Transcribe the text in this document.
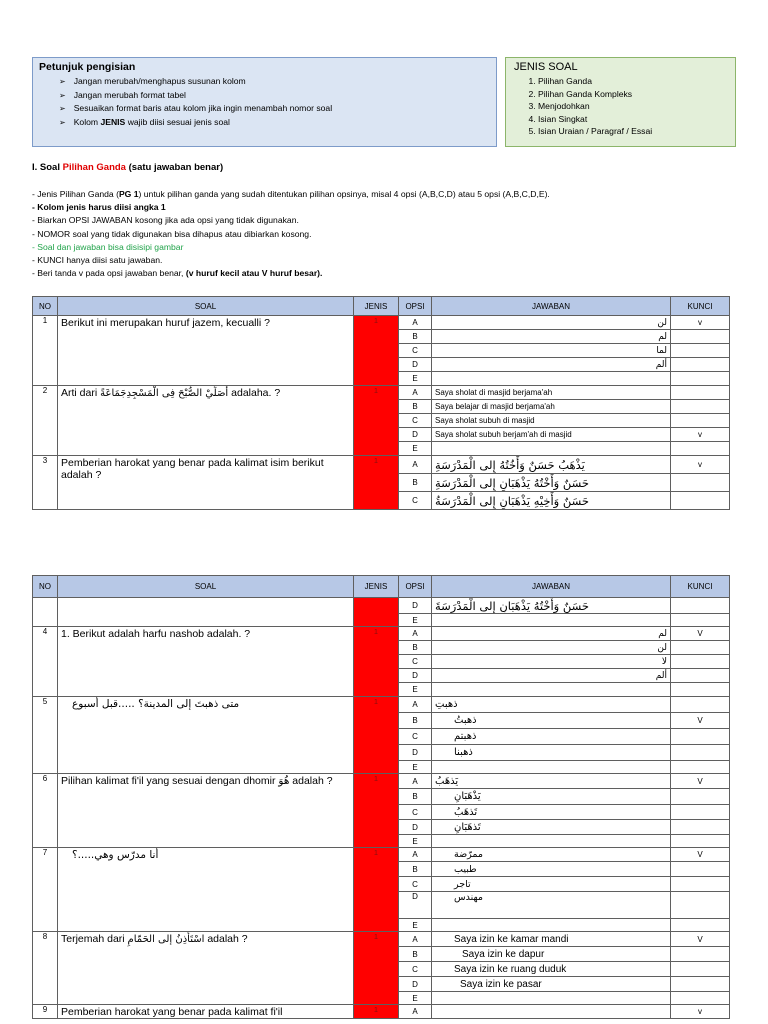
Petunjuk pengisian
➢ Jangan merubah/menghapus susunan kolom
➢ Jangan merubah format tabel
➢ Sesuaikan format baris atau kolom jika ingin menambah nomor soal
➢ Kolom JENIS wajib diisi sesuai jenis soal
JENIS SOAL
1. Pilihan Ganda
2. Pilihan Ganda Kompleks
3. Menjodohkan
4. Isian Singkat
5. Isian Uraian / Paragraf / Essai
I. Soal Pilihan Ganda (satu jawaban benar)
- Jenis Pilihan Ganda (PG 1) untuk pilihan ganda yang sudah ditentukan pilihan opsinya, misal 4 opsi (A,B,C,D) atau 5 opsi (A,B,C,D,E).
- Kolom jenis harus diisi angka 1
- Biarkan OPSI JAWABAN kosong jika ada opsi yang tidak digunakan.
- NOMOR soal yang tidak digunakan bisa dihapus atau dibiarkan kosong.
- Soal dan jawaban bisa disisipi gambar
- KUNCI hanya diisi satu jawaban.
- Beri tanda v pada opsi jawaban benar, (v huruf kecil atau V huruf besar).
NO	SOAL	JENIS	OPSI	JAWABAN	KUNCI
1	Berikut ini merupakan huruf jazem, kecualli ?	1	A	لن	v
			B	لم	
			C	لما	
			D	ألم	
			E		
2	Arti dari أُصَلِّيْ الصُّبْحَ فِى الْمَسْجِدِجَمَاعَةً adalaha. ?	1	A	Saya sholat di masjid berjama'ah	
			B	Saya belajar di masjid berjama'ah	
			C	Saya sholat subuh di masjid	
			D	Saya sholat subuh berjam'ah di masjid	v
			E		
3	Pemberian harokat yang benar pada kalimat isim berikut adalah ?	1	A	يَذْهَبُ حَسَنٌ وَأَخُتُهُ إِلى الْمَدْرَسَةِ	v
			B	حَسَنٌ وَأَخْتُهُ يَذْهَبَانِ إِلى الْمَدْرَسَةِ	
			C	حَسَنٌ وَأَخِيْهِ يَذْهَبَانِ إِلى الْمَدْرَسَةُ	
NO	SOAL	JENIS	OPSI	JAWABAN	KUNCI
			D	حَسَنٌ وَأَخْتُهُ يَذْهَبَانِ إِلى الْمَدْرَسَةَ	
			E		
4	1. Berikut adalah harfu nashob adalah. ?	1	A	لم	V
			B	لن	
			C	لا	
			D	ألم	
			E		
5	متى ذهبتَ إلى المدينة؟ .....قبل أسبوع	1	A	ذهبتِ	
			B	ذهبتُ	V
			C	ذهبتم	
			D	ذهبنا	
			E		
6	Pilihan kalimat fi'il yang sesuai dengan dhomir هُوَ adalah ?	1	A	يَذهَبُ	V
			B	يَذْهَبَانِ	
			C	تَذهَبُ	
			D	تَذهَبَانِ	
			E		
7	أنا مدرّس وهي.....؟	1	A	ممرّضة	V
			B	طبيب	
			C	تاجر	
			D	مهندس	
			E		
8	Terjemah dari اسْتَأْذِنُ إلى الحَمّامِ adalah ?	1	A	Saya izin ke kamar mandi	V
			B	Saya izin ke dapur	
			C	Saya izin ke ruang duduk	
			D	Saya izin ke pasar	
			E		
9	Pemberian harokat yang benar pada kalimat fi'il	1	A		v
